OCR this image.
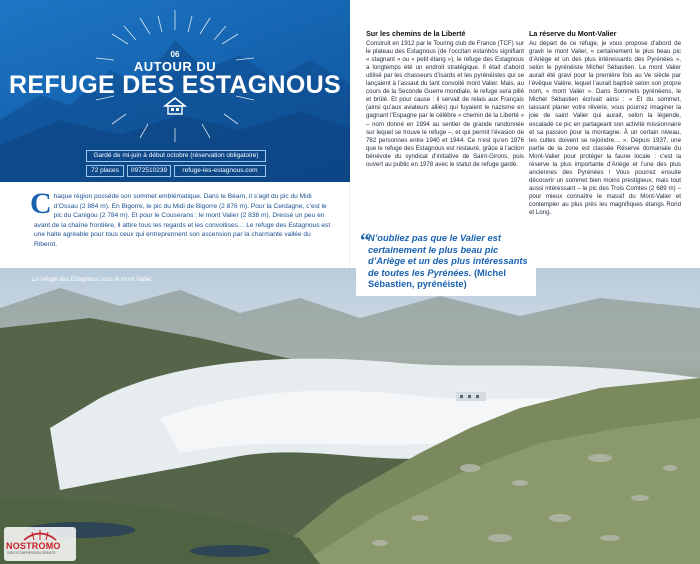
Le refuge des Estagnous sous le mont Valier.
06
AUTOUR DU
REFUGE DES ESTAGNOUS
Gardé de mi-juin à début octobre (réservation obligatoire)
72 places	0972510239	refuge-les-estagnous.com
C haque région possède son sommet emblématique. Dans le Béarn, il s’agit du pic du Midi d’Ossau (2 884 m). En Bigorre, le pic du Midi de Bigorre (2 876 m). Pour la Cerdagne, c’est le pic du Canigou (2 784 m). Et pour le Couserans : le mont Valier (2 838 m). Dressé un peu en avant de la chaîne frontière, il attire tous les regards et les convoitises… Le refuge des Estagnous est une halte agréable pour tous ceux qui entreprennent son ascension par la charmante vallée du Riberot.
Sur les chemins de la Liberté

Construit en 1912 par le Touring club de France (TCF) sur le plateau des Estagnous (de l’occitan estanhòs signifiant « stagnant » ou « petit étang »), le refuge des Estagnous a longtemps été un endroit stratégique. Il était d’abord utilisé par les chasseurs d’isards et les pyrénéistes qui se lançaient à l’assaut du tant convoité mont Valier. Mais, au cours de la Seconde Guerre mondiale, le refuge sera pillé et brûlé. Et pour cause : il servait de relais aux Français (ainsi qu’aux aviateurs alliés) qui fuyaient le nazisme en gagnant l’Espagne par le célèbre « chemin de la Liberté » – nom donné en 1994 au sentier de grande randonnée sur lequel se trouve le refuge –, et qui permit l’évasion de 782 personnes entre 1940 et 1944. Ce n’est qu’en 1976 que le refuge des Estagnous est restauré, grâce à l’action bénévole du syndicat d’initiative de Saint-Girons, puis ouvert au public en 1978 avec le statut de refuge gardé.

La réserve du Mont-Valier

Au départ de ce refuge, je vous propose d’abord de gravir le mont Valier, « certainement le plus beau pic d’Ariège et un des plus intéressants des Pyrénées », selon le pyrénéiste Michel Sébastien. Le mont Valier aurait été gravi pour la première fois au Ve siècle par l’évêque Valère, lequel l’aurait baptisé selon son propre nom, « mont Valier ». Dans Sommets pyrénéens, le Michel Sébastien écrivait ainsi : « Et du sommet, laissant planer votre rêverie, vous pourrez imaginer la joie de saint Valier qui aurait, selon la légende, escaladé ce pic en partageant son activité missionnaire et sa passion pour la montagne. À un certain niveau, les cultes doivent se rejoindre… ». Depuis 1937, une partie de la zone est classée Réserve domaniale du Mont-Valier pour protéger la faune locale : c’est la réserve la plus importante d’Ariège et l’une des plus anciennes des Pyrénées ! Vous pourrez ensuite découvrir un sommet bien moins prestigieux, mais tout aussi intéressant – le pic des Trois Comtes (2 689 m) – pour mieux connaître le massif du Mont-Valier et contempler au plus près les magnifiques étangs Rond et Long.

“
N’oubliez pas que le Valier est certainement le plus beau pic d’Ariège et un des plus intéressants de toutes les Pyrénées. (Michel Sébastien, pyrénéiste)
NOSTROMO
VIDEOCOMPRESSION SERVICE
